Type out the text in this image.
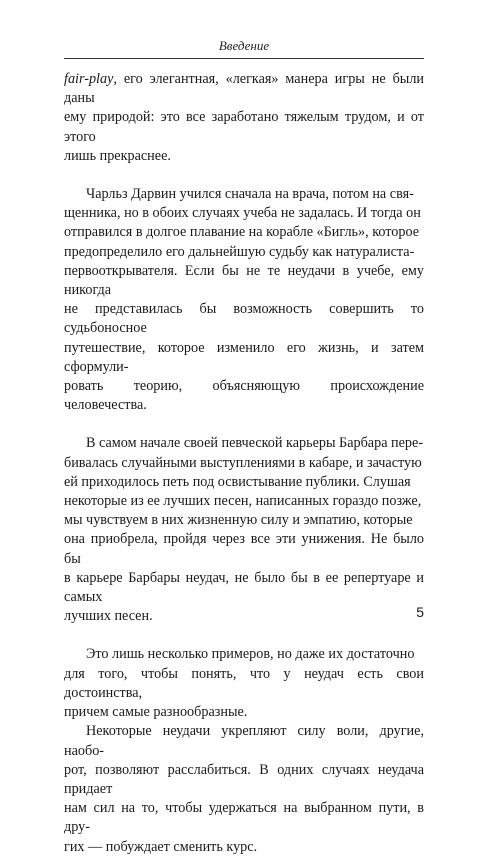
Введение

fair-play, его элегантная, «легкая» манера игры не были даны
ему природой: это все заработано тяжелым трудом, и от этого
лишь прекраснее.

Чарльз Дарвин учился сначала на врача, потом на свя-
щенника, но в обоих случаях учеба не задалась. И тогда он
отправился в долгое плавание на корабле «Бигль», которое
предопределило его дальнейшую судьбу как натуралиста-
первооткрывателя. Если бы не те неудачи в учебе, ему никогда
не представилась бы возможность совершить то судьбоносное
путешествие, которое изменило его жизнь, и затем сформули-
ровать теорию, объясняющую происхождение человечества.

В самом начале своей певческой карьеры Барбара пере-
бивалась случайными выступлениями в кабаре, и зачастую
ей приходилось петь под освистывание публики. Слушая
некоторые из ее лучших песен, написанных гораздо позже,
мы чувствуем в них жизненную силу и эмпатию, которые
она приобрела, пройдя через все эти унижения. Не было бы
в карьере Барбары неудач, не было бы в ее репертуаре и самых
лучших песен.

Это лишь несколько примеров, но даже их достаточно
для того, чтобы понять, что у неудач есть свои достоинства,
причем самые разнообразные.

Некоторые неудачи укрепляют силу воли, другие, наобо-
рот, позволяют расслабиться. В одних случаях неудача придает
нам сил на то, чтобы удержаться на выбранном пути, в дру-
гих — побуждает сменить курс.

5
